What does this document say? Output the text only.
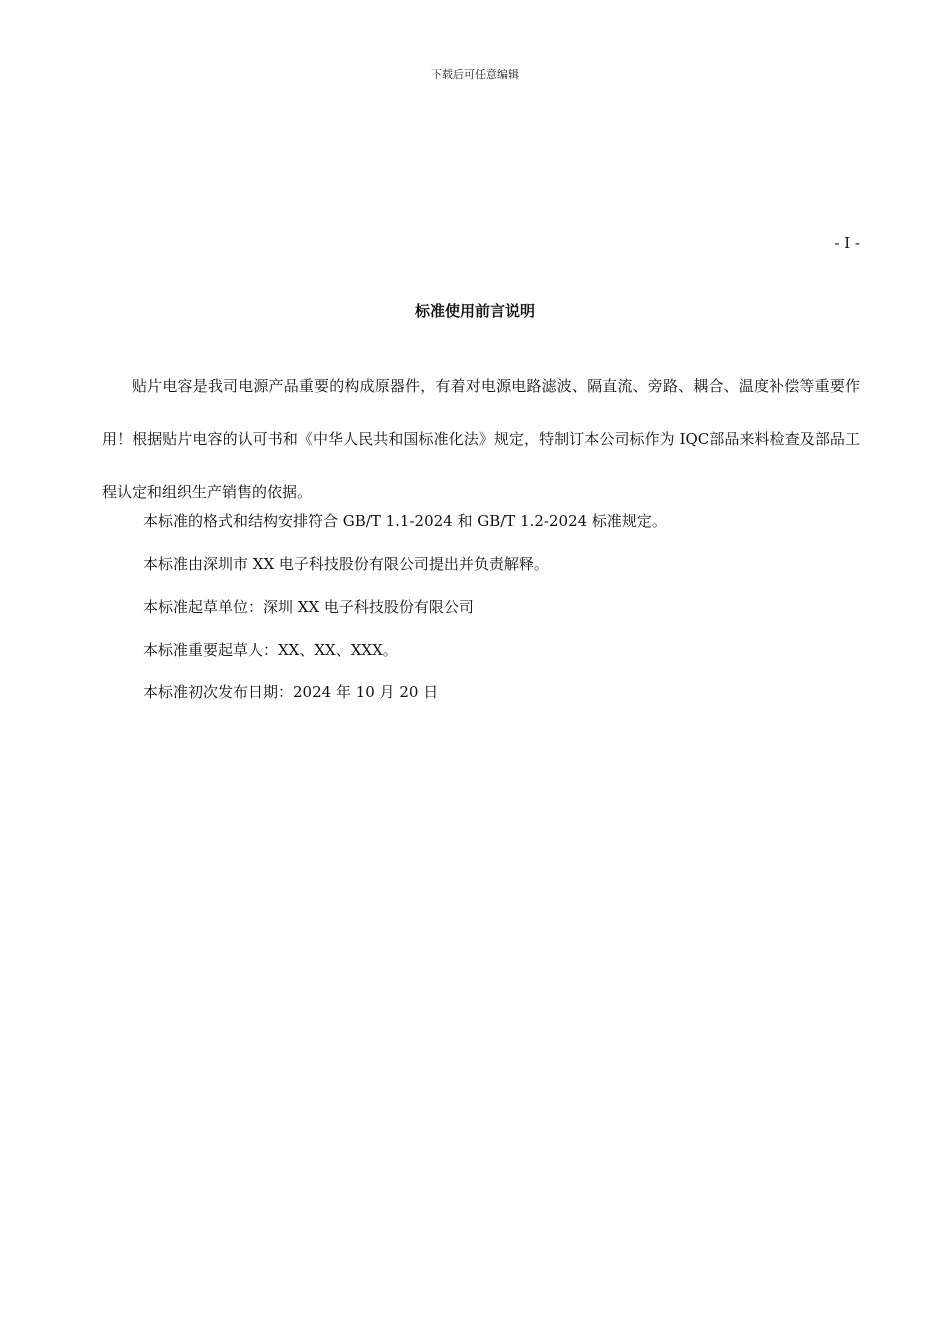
下载后可任意编辑
- I -
标准使用前言说明

贴片电容是我司电源产品重要的构成原器件，有着对电源电路滤波、隔直流、旁路、耦合、温度补偿等重要作用！根据贴片电容的认可书和《中华人民共和国标准化法》规定，特制订本公司标作为 IQC部品来料检查及部品工程认定和组织生产销售的依据。

本标准的格式和结构安排符合 GB/T 1.1-2024 和 GB/T 1.2-2024 标准规定。

本标准由深圳市 XX 电子科技股份有限公司提出并负责解释。

本标准起草单位：深圳 XX 电子科技股份有限公司

本标准重要起草人：XX、XX、XXX。

本标准初次发布日期：2024 年 10 月 20 日
